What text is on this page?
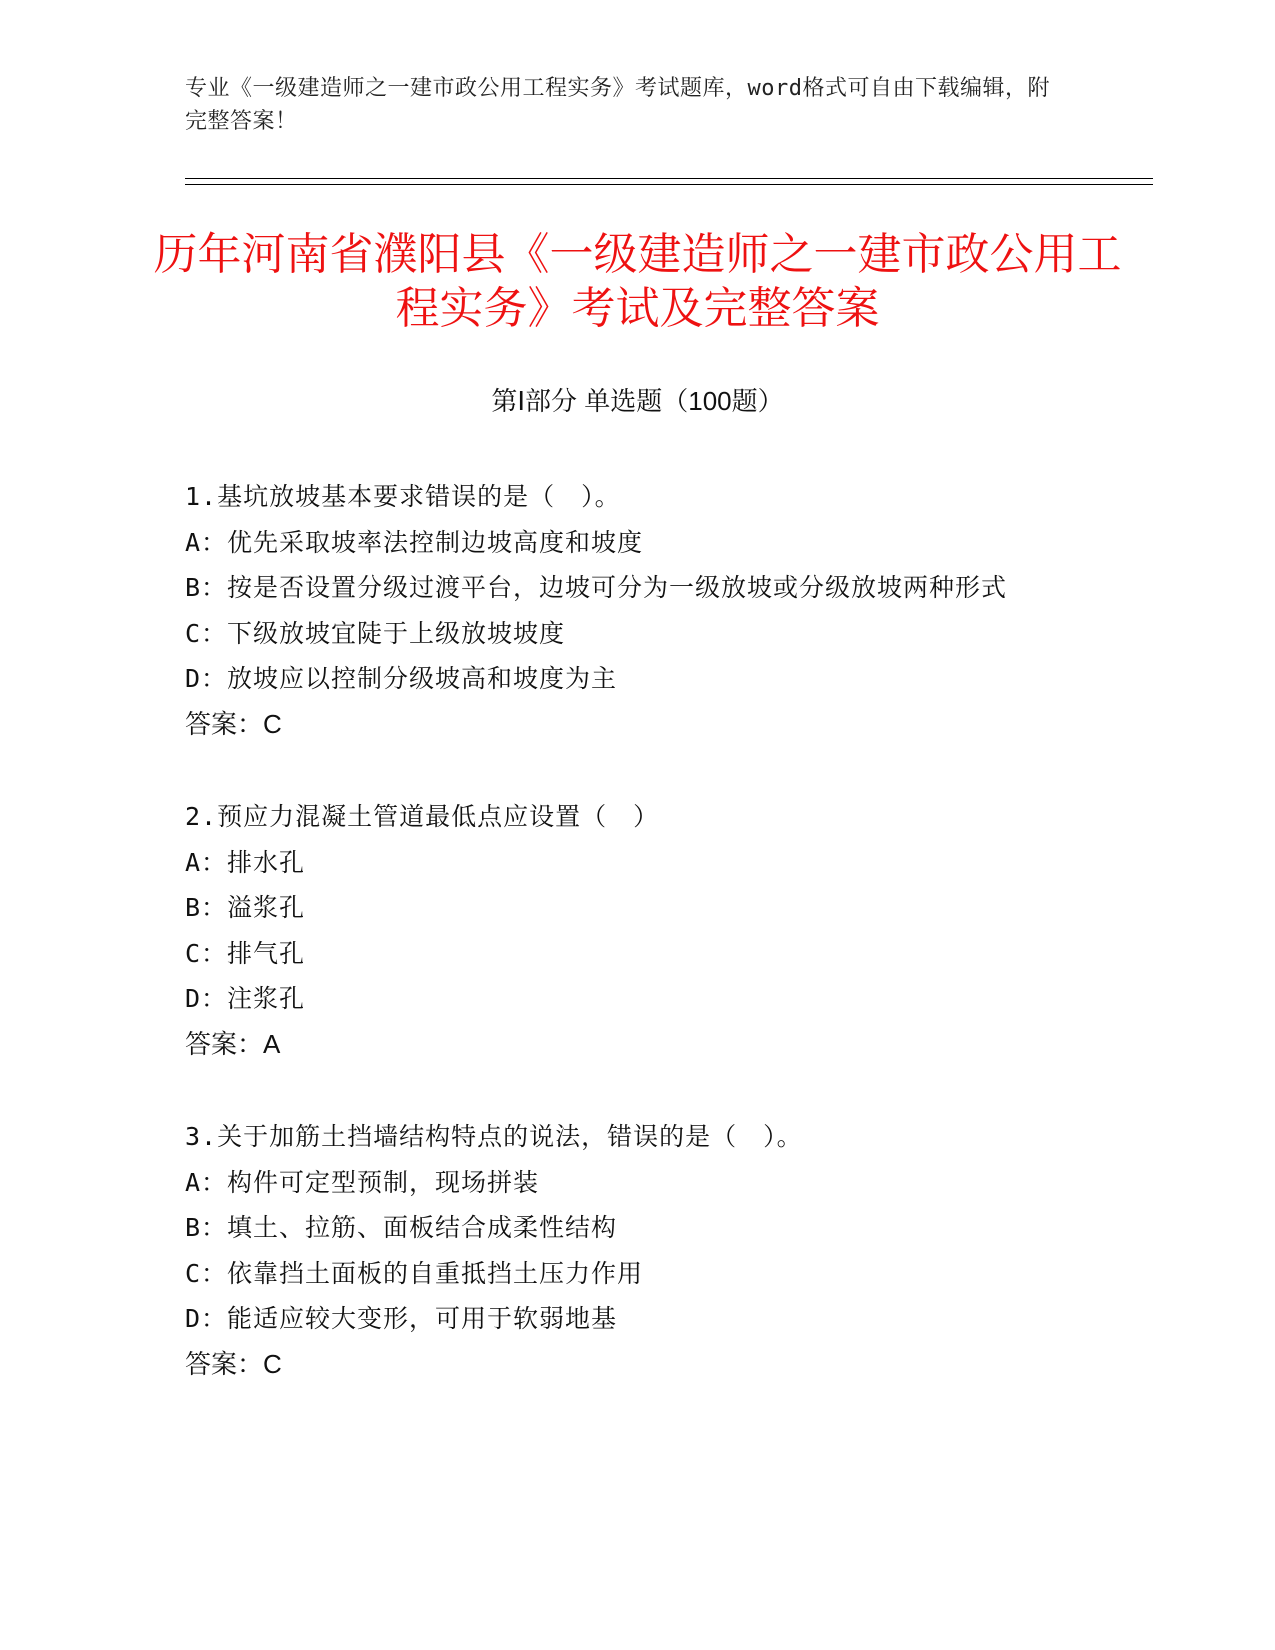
专业《一级建造师之一建市政公用工程实务》考试题库，word格式可自由下载编辑，附完整答案！
历年河南省濮阳县《一级建造师之一建市政公用工程实务》考试及完整答案
第Ⅰ部分 单选题（100题）

1.基坑放坡基本要求错误的是（　）。

A：优先采取坡率法控制边坡高度和坡度

B：按是否设置分级过渡平台，边坡可分为一级放坡或分级放坡两种形式

C：下级放坡宜陡于上级放坡坡度

D：放坡应以控制分级坡高和坡度为主

答案：C

2.预应力混凝土管道最低点应设置（　）

A：排水孔

B：溢浆孔

C：排气孔

D：注浆孔

答案：A

3.关于加筋土挡墙结构特点的说法，错误的是（　）。

A：构件可定型预制，现场拼装

B：填土、拉筋、面板结合成柔性结构

C：依靠挡土面板的自重抵挡土压力作用

D：能适应较大变形，可用于软弱地基

答案：C
